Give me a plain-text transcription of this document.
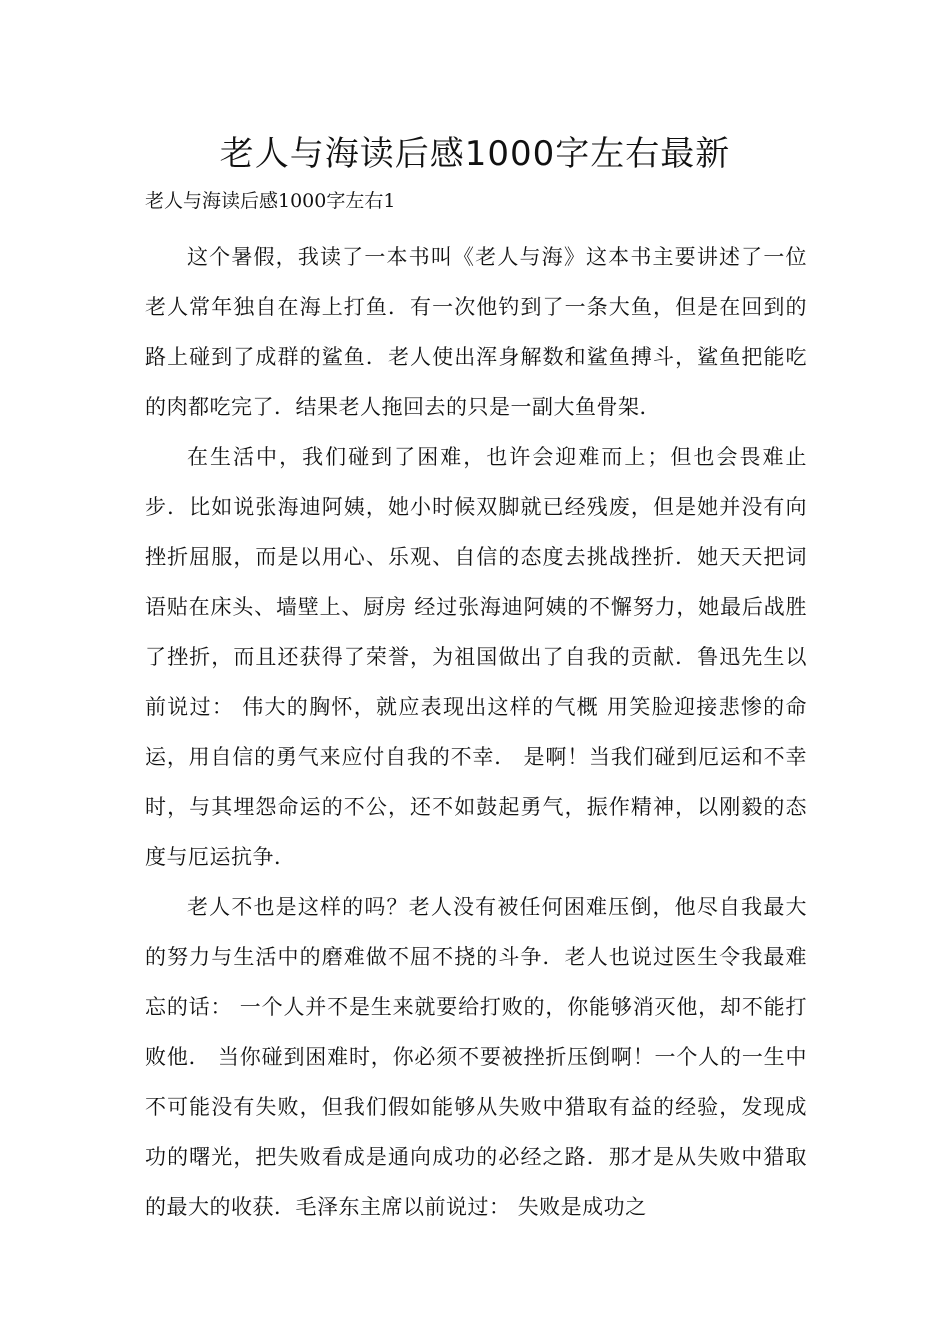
老人与海读后感1000字左右最新
老人与海读后感1000字左右1

这个暑假，我读了一本书叫《老人与海》这本书主要讲述了一位老人常年独自在海上打鱼．有一次他钓到了一条大鱼，但是在回到的路上碰到了成群的鲨鱼．老人使出浑身解数和鲨鱼搏斗，鲨鱼把能吃的肉都吃完了．结果老人拖回去的只是一副大鱼骨架．

在生活中，我们碰到了困难，也许会迎难而上；但也会畏难止步．比如说张海迪阿姨，她小时候双脚就已经残废，但是她并没有向挫折屈服，而是以用心、乐观、自信的态度去挑战挫折．她天天把词语贴在床头、墙壁上、厨房 经过张海迪阿姨的不懈努力，她最后战胜了挫折，而且还获得了荣誉，为祖国做出了自我的贡献．鲁迅先生以前说过： 伟大的胸怀，就应表现出这样的气概 用笑脸迎接悲惨的命运，用自信的勇气来应付自我的不幸． 是啊！当我们碰到厄运和不幸时，与其埋怨命运的不公，还不如鼓起勇气，振作精神，以刚毅的态度与厄运抗争．

老人不也是这样的吗？老人没有被任何困难压倒，他尽自我最大的努力与生活中的磨难做不屈不挠的斗争．老人也说过医生令我最难忘的话： 一个人并不是生来就要给打败的，你能够消灭他，却不能打败他． 当你碰到困难时，你必须不要被挫折压倒啊！一个人的一生中不可能没有失败，但我们假如能够从失败中猎取有益的经验，发现成功的曙光，把失败看成是通向成功的必经之路．那才是从失败中猎取的最大的收获．毛泽东主席以前说过： 失败是成功之
